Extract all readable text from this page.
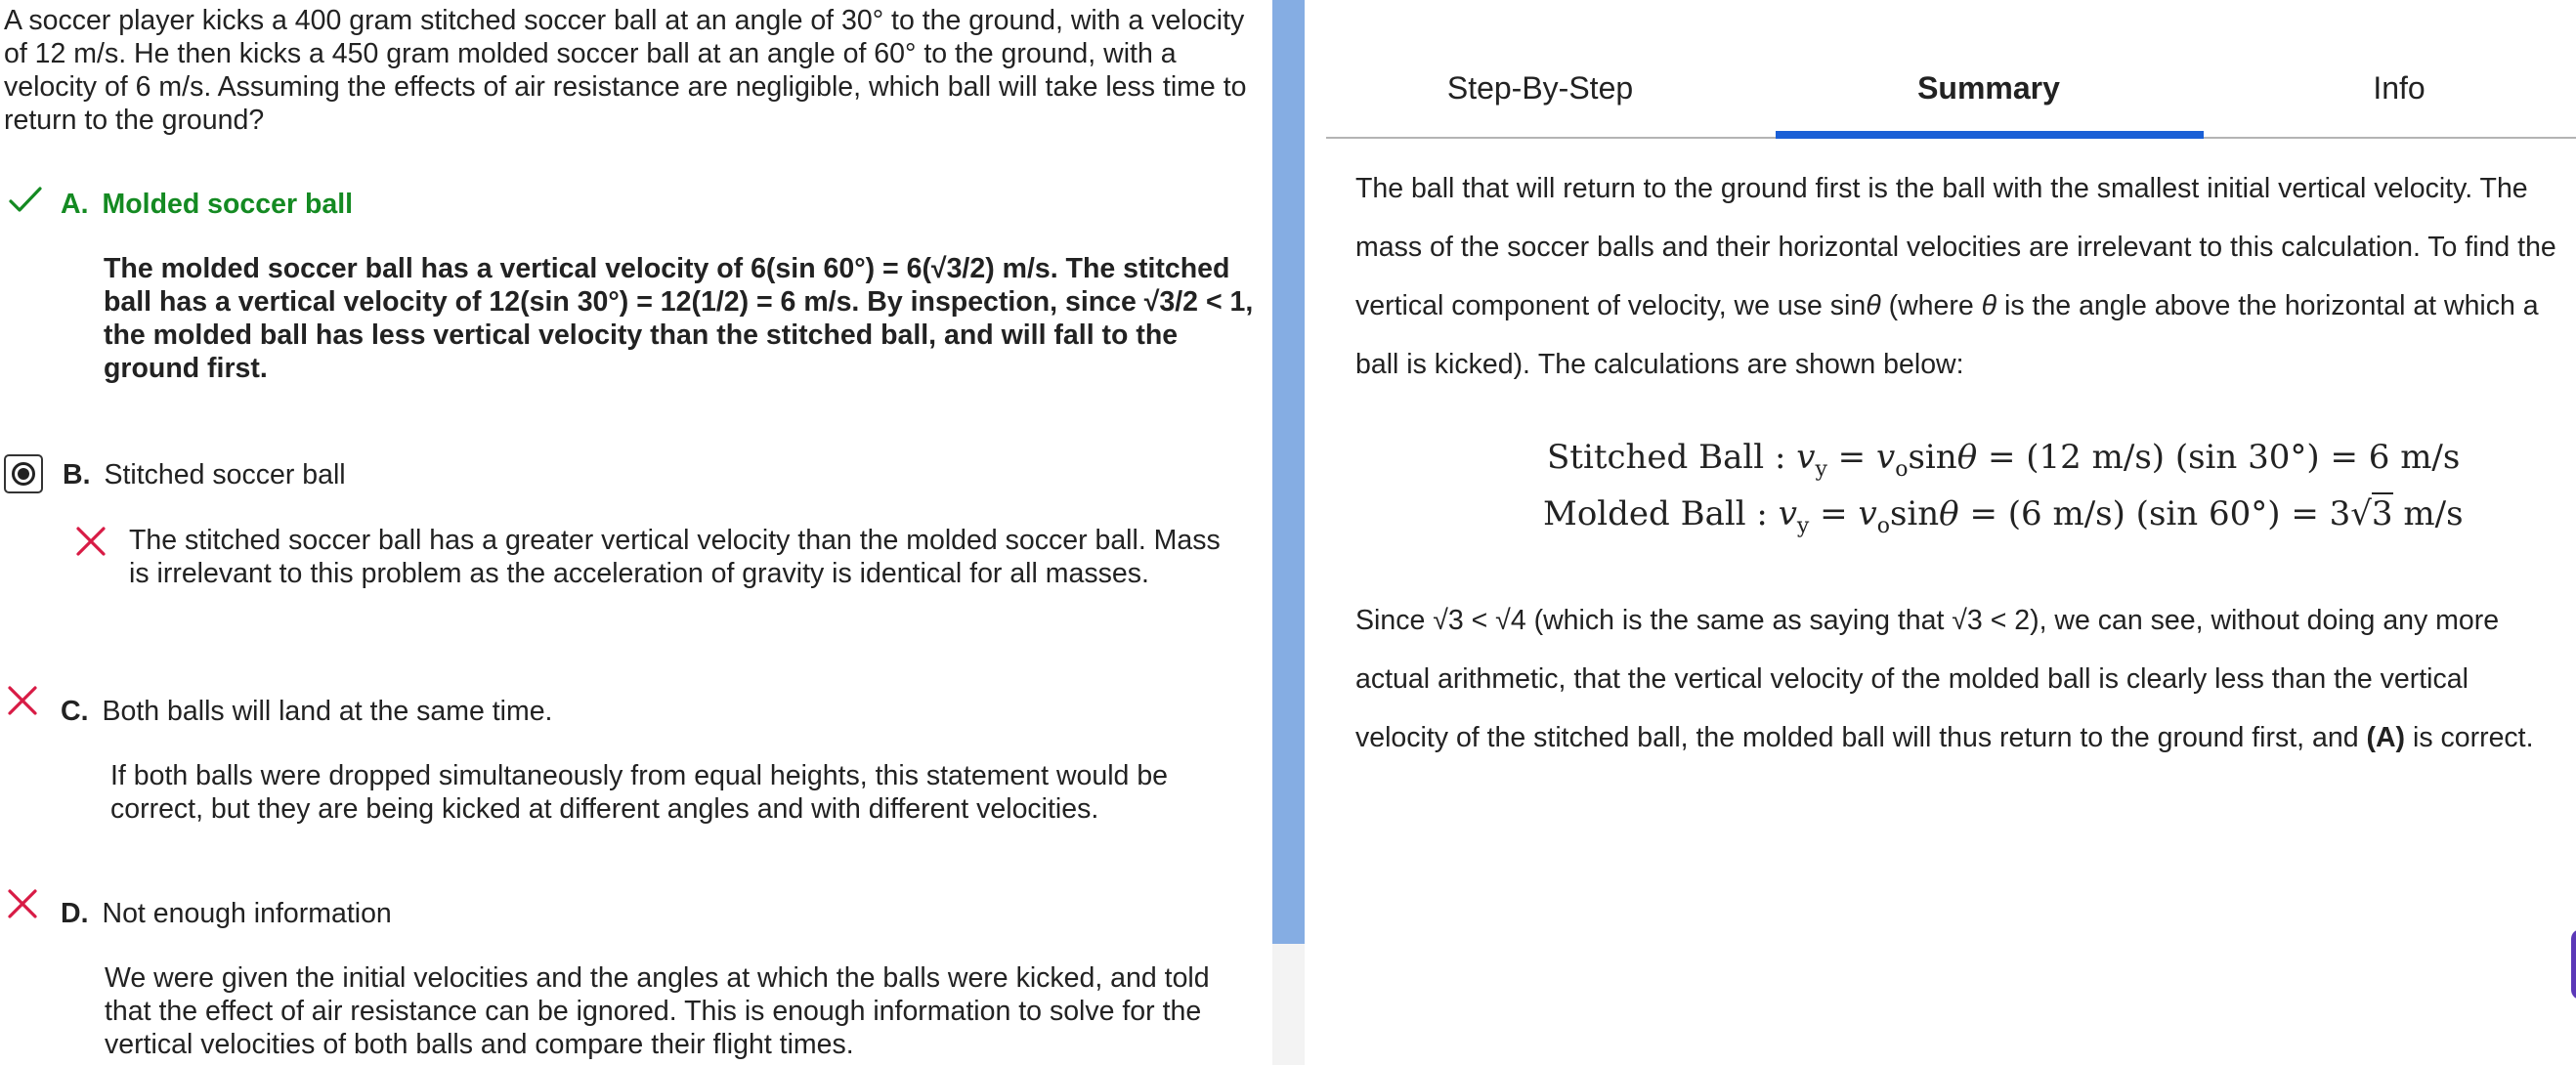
A soccer player kicks a 400 gram stitched soccer ball at an angle of 30° to the ground, with a velocity of 12 m/s. He then kicks a 450 gram molded soccer ball at an angle of 60° to the ground, with a velocity of 6 m/s. Assuming the effects of air resistance are negligible, which ball will take less time to return to the ground?

A. Molded soccer ball

The molded soccer ball has a vertical velocity of 6(sin 60°) = 6(√3/2) m/s. The stitched ball has a vertical velocity of 12(sin 30°) = 12(1/2) = 6 m/s. By inspection, since √3/2 < 1, the molded ball has less vertical velocity than the stitched ball, and will fall to the ground first.

B. Stitched soccer ball

The stitched soccer ball has a greater vertical velocity than the molded soccer ball. Mass is irrelevant to this problem as the acceleration of gravity is identical for all masses.

C. Both balls will land at the same time.

If both balls were dropped simultaneously from equal heights, this statement would be correct, but they are being kicked at different angles and with different velocities.

D. Not enough information

We were given the initial velocities and the angles at which the balls were kicked, and told that the effect of air resistance can be ignored. This is enough information to solve for the vertical velocities of both balls and compare their flight times.

Step-By-Step	Summary	Info

The ball that will return to the ground first is the ball with the smallest initial vertical velocity. The mass of the soccer balls and their horizontal velocities are irrelevant to this calculation. To find the vertical component of velocity, we use sinθ (where θ is the angle above the horizontal at which a ball is kicked). The calculations are shown below:

Stitched Ball : $v_y = v_o\sin\theta = (12$ m/s) (sin 30°) = 6 m/s
Molded Ball : $v_y = v_o\sin\theta = (6$ m/s) (sin 60°) = 3√3 m/s

Since √3 < √4 (which is the same as saying that √3 < 2), we can see, without doing any more actual arithmetic, that the vertical velocity of the molded ball is clearly less than the vertical velocity of the stitched ball, the molded ball will thus return to the ground first, and (A) is correct.
